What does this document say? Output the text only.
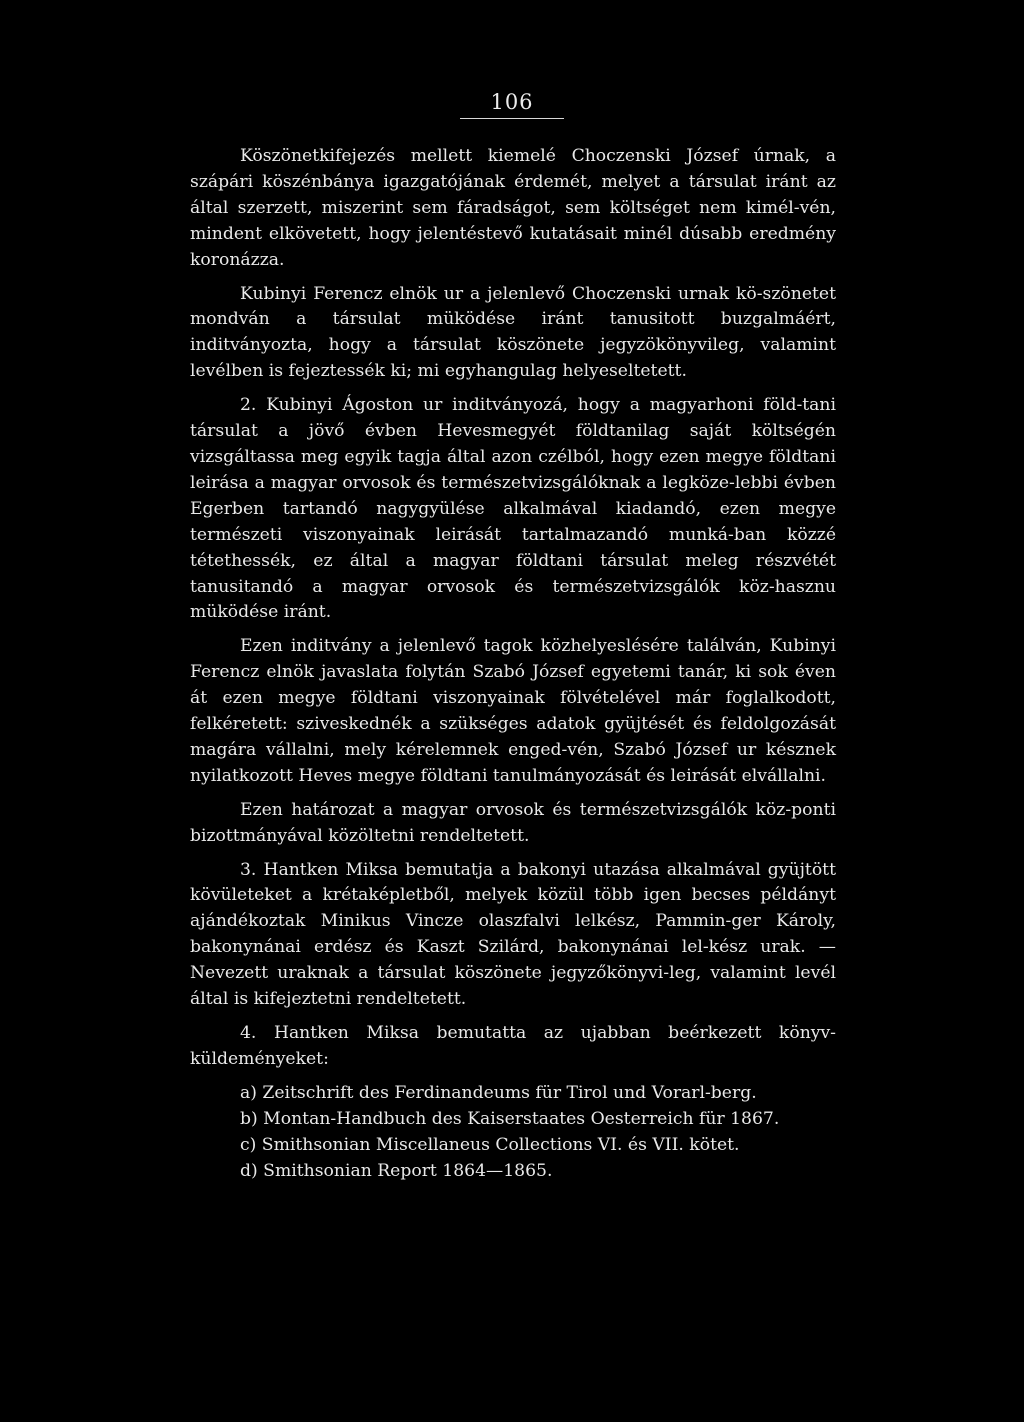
106

Köszönetkifejezés mellett kiemelé Choczenski József úrnak, a szápári köszénbánya igazgatójának érdemét, melyet a társulat iránt az által szerzett, miszerint sem fáradságot, sem költséget nem kimél-vén, mindent elkövetett, hogy jelentéstevő kutatásait minél dúsabb eredmény koronázza.

Kubinyi Ferencz elnök ur a jelenlevő Choczenski urnak kö-szönetet mondván a társulat müködése iránt tanusitott buzgalmáért, inditványozta, hogy a társulat köszönete jegyzökönyvileg, valamint levélben is fejeztessék ki; mi egyhangulag helyeseltetett.

2. Kubinyi Ágoston ur inditványozá, hogy a magyarhoni föld-tani társulat a jövő évben Hevesmegyét földtanilag saját költségén vizsgáltassa meg egyik tagja által azon czélból, hogy ezen megye földtani leirása a magyar orvosok és természetvizsgálóknak a legköze-lebbi évben Egerben tartandó nagygyülése alkalmával kiadandó, ezen megye természeti viszonyainak leirását tartalmazandó munká-ban közzé tétethessék, ez által a magyar földtani társulat meleg részvétét tanusitandó a magyar orvosok és természetvizsgálók köz-hasznu müködése iránt.

Ezen inditvány a jelenlevő tagok közhelyeslésére találván, Kubinyi Ferencz elnök javaslata folytán Szabó József egyetemi tanár, ki sok éven át ezen megye földtani viszonyainak fölvételével már foglalkodott, felkéretett: sziveskednék a szükséges adatok gyüjtését és feldolgozását magára vállalni, mely kérelemnek enged-vén, Szabó József ur késznek nyilatkozott Heves megye földtani tanulmányozását és leirását elvállalni.

Ezen határozat a magyar orvosok és természetvizsgálók köz-ponti bizottmányával közöltetni rendeltetett.

3. Hantken Miksa bemutatja a bakonyi utazása alkalmával gyüjtött kövületeket a krétaképletből, melyek közül több igen becses példányt ajándékoztak Minikus Vincze olaszfalvi lelkész, Pammin-ger Károly, bakonynánai erdész és Kaszt Szilárd, bakonynánai lel-kész urak. — Nevezett uraknak a társulat köszönete jegyzőkönyvi-leg, valamint levél által is kifejeztetni rendeltetett.

4. Hantken Miksa bemutatta az ujabban beérkezett könyv-küldeményeket:

a) Zeitschrift des Ferdinandeums für Tirol und Vorarl-berg.

b) Montan-Handbuch des Kaiserstaates Oesterreich für 1867.

c) Smithsonian Miscellaneus Collections VI. és VII. kötet.

d) Smithsonian Report 1864—1865.
